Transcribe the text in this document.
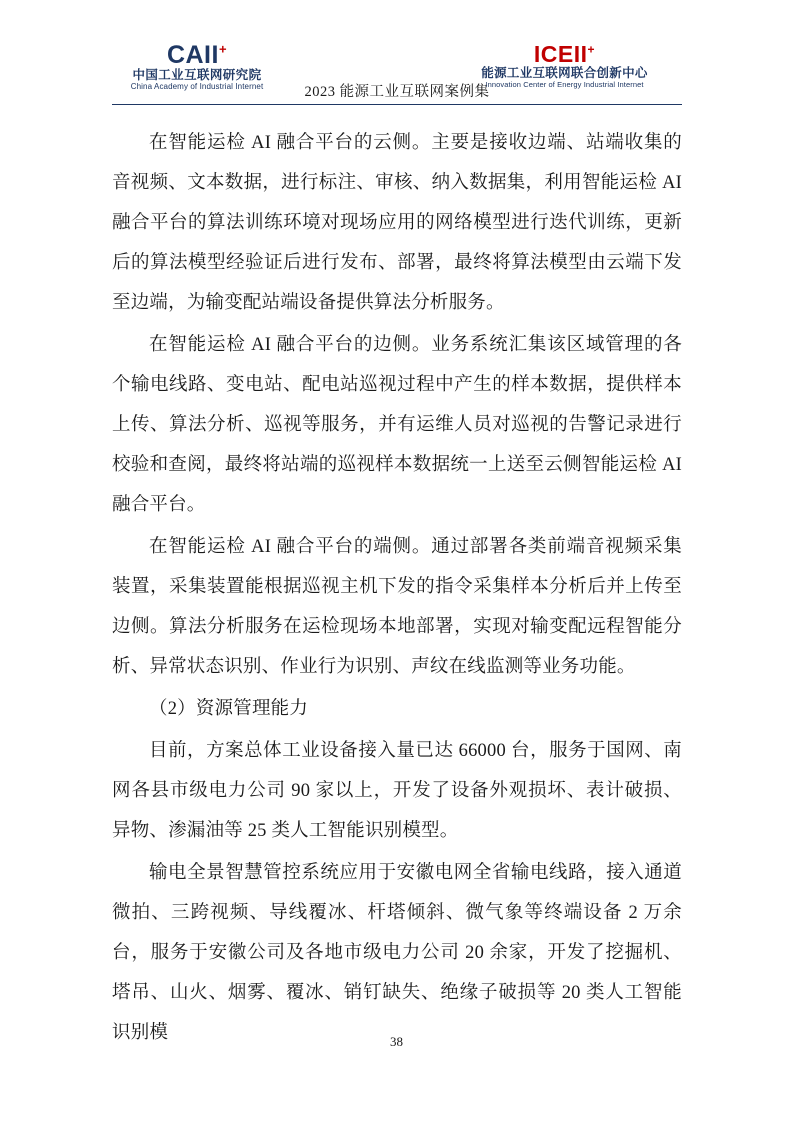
CAII+
中国工业互联网研究院
China Academy of Industrial Internet	2023 能源工业互联网案例集
ICEII+
能源工业互联网联合创新中心
Innovation Center of Energy Industrial Internet

在智能运检 AI 融合平台的云侧。主要是接收边端、站端收集的音视频、文本数据，进行标注、审核、纳入数据集，利用智能运检 AI 融合平台的算法训练环境对现场应用的网络模型进行迭代训练，更新后的算法模型经验证后进行发布、部署，最终将算法模型由云端下发至边端，为输变配站端设备提供算法分析服务。

在智能运检 AI 融合平台的边侧。业务系统汇集该区域管理的各个输电线路、变电站、配电站巡视过程中产生的样本数据，提供样本上传、算法分析、巡视等服务，并有运维人员对巡视的告警记录进行校验和查阅，最终将站端的巡视样本数据统一上送至云侧智能运检 AI 融合平台。

在智能运检 AI 融合平台的端侧。通过部署各类前端音视频采集装置，采集装置能根据巡视主机下发的指令采集样本分析后并上传至边侧。算法分析服务在运检现场本地部署，实现对输变配远程智能分析、异常状态识别、作业行为识别、声纹在线监测等业务功能。

（2）资源管理能力

目前，方案总体工业设备接入量已达 66000 台，服务于国网、南网各县市级电力公司 90 家以上，开发了设备外观损坏、表计破损、异物、渗漏油等 25 类人工智能识别模型。

输电全景智慧管控系统应用于安徽电网全省输电线路，接入通道微拍、三跨视频、导线覆冰、杆塔倾斜、微气象等终端设备 2 万余台，服务于安徽公司及各地市级电力公司 20 余家，开发了挖掘机、塔吊、山火、烟雾、覆冰、销钉缺失、绝缘子破损等 20 类人工智能识别模	38
